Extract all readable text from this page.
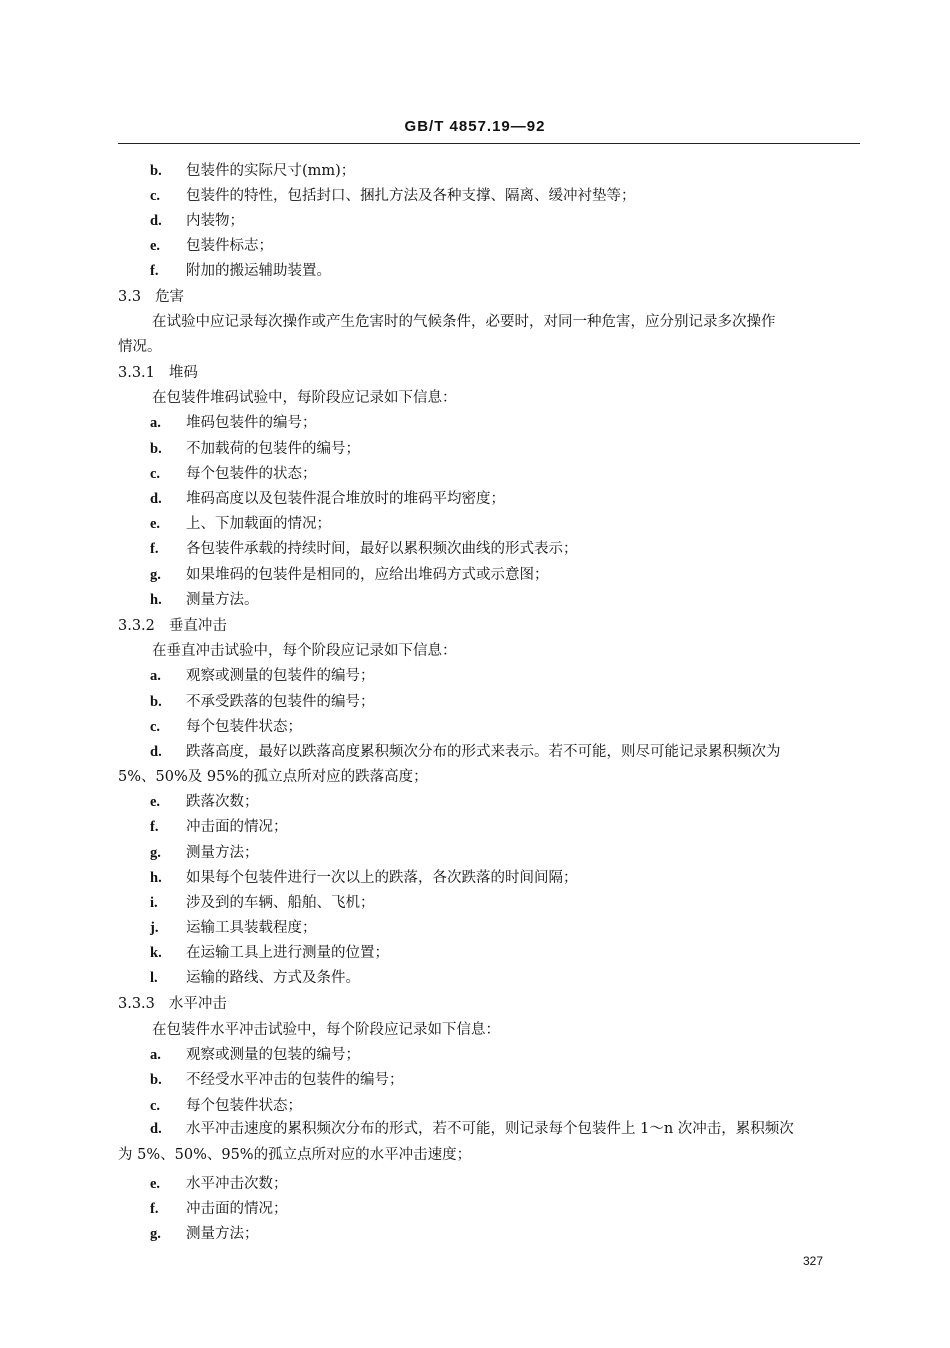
GB/T 4857.19—92
b. 包装件的实际尺寸(mm)；
c. 包装件的特性，包括封口、捆扎方法及各种支撑、隔离、缓冲衬垫等；
d. 内装物；
e. 包装件标志；
f. 附加的搬运辅助装置。
3.3 危害
在试验中应记录每次操作或产生危害时的气候条件，必要时，对同一种危害，应分别记录多次操作
情况。
3.3.1 堆码
在包装件堆码试验中，每阶段应记录如下信息：
a. 堆码包装件的编号；
b. 不加载荷的包装件的编号；
c. 每个包装件的状态；
d. 堆码高度以及包装件混合堆放时的堆码平均密度；
e. 上、下加载面的情况；
f. 各包装件承载的持续时间，最好以累积频次曲线的形式表示；
g. 如果堆码的包装件是相同的，应给出堆码方式或示意图；
h. 测量方法。
3.3.2 垂直冲击
在垂直冲击试验中，每个阶段应记录如下信息：
a. 观察或测量的包装件的编号；
b. 不承受跌落的包装件的编号；
c. 每个包装件状态；
d. 跌落高度，最好以跌落高度累积频次分布的形式来表示。若不可能，则尽可能记录累积频次为
5%、50%及 95%的孤立点所对应的跌落高度；
e. 跌落次数；
f. 冲击面的情况；
g. 测量方法；
h. 如果每个包装件进行一次以上的跌落，各次跌落的时间间隔；
i. 涉及到的车辆、船舶、飞机；
j. 运输工具装载程度；
k. 在运输工具上进行测量的位置；
l. 运输的路线、方式及条件。
3.3.3 水平冲击
在包装件水平冲击试验中，每个阶段应记录如下信息：
a. 观察或测量的包装的编号；
b. 不经受水平冲击的包装件的编号；
c. 每个包装件状态；
d. 水平冲击速度的累积频次分布的形式，若不可能，则记录每个包装件上 1～n 次冲击，累积频次
为 5%、50%、95%的孤立点所对应的水平冲击速度；
e. 水平冲击次数；
f. 冲击面的情况；
g. 测量方法；
327
